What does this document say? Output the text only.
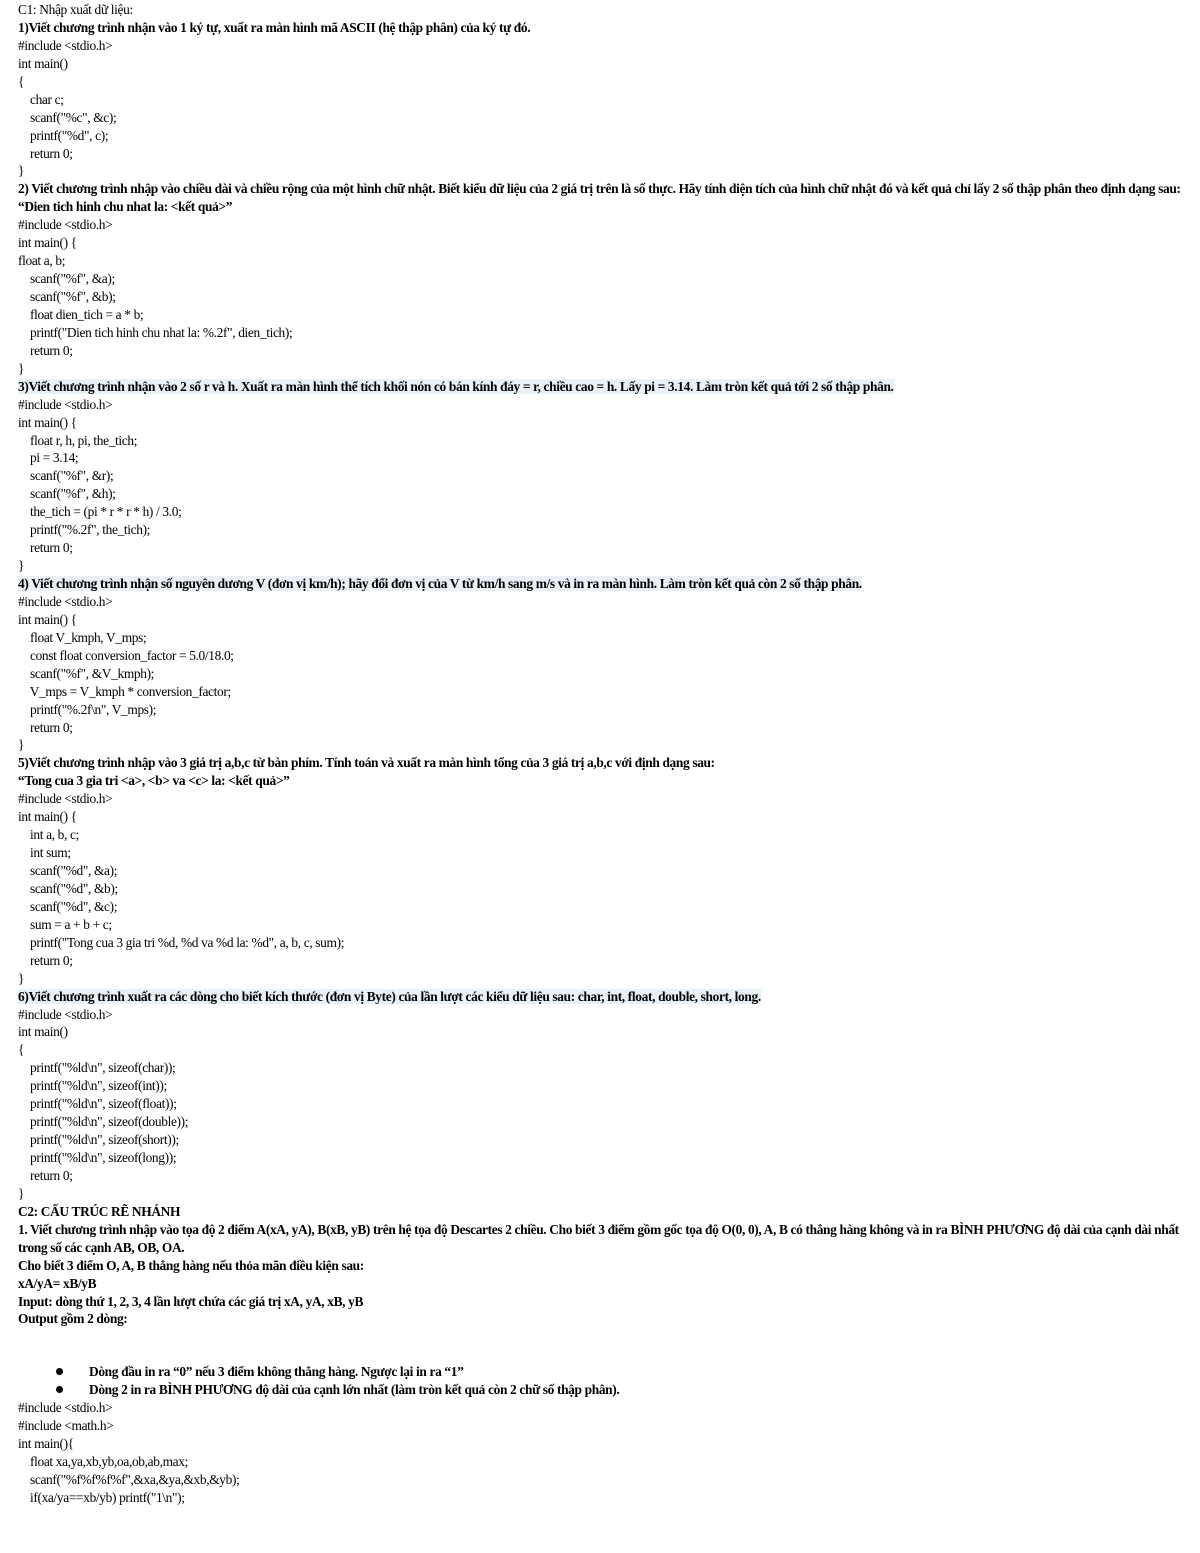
C1: Nhập xuất dữ liệu:
1)Viết chương trình nhận vào 1 ký tự, xuất ra màn hình mã ASCII (hệ thập phân) của ký tự đó.
#include <stdio.h>
int main()
{
char c;
scanf("%c", &c);
printf("%d", c);
return 0;
}
2) Viết chương trình nhập vào chiều dài và chiều rộng của một hình chữ nhật. Biết kiểu dữ liệu của 2 giá trị trên là số thực. Hãy tính diện tích của hình chữ nhật đó và kết quả chỉ lấy 2 số thập phân theo định dạng sau:
“Dien tich hinh chu nhat la: <kết quả>”
#include <stdio.h>
int main() {
float a, b;
scanf("%f", &a);
scanf("%f", &b);
float dien_tich = a * b;
printf("Dien tich hinh chu nhat la: %.2f", dien_tich);
return 0;
}
3)Viết chương trình nhận vào 2 số r và h. Xuất ra màn hình thể tích khối nón có bán kính đáy = r, chiều cao = h. Lấy pi = 3.14. Làm tròn kết quả tới 2 số thập phân.
#include <stdio.h>
int main() {
float r, h, pi, the_tich;
pi = 3.14;
scanf("%f", &r);
scanf("%f", &h);
the_tich = (pi * r * r * h) / 3.0;
printf("%.2f", the_tich);
return 0;
}
4) Viết chương trình nhận số nguyên dương V (đơn vị km/h); hãy đổi đơn vị của V từ km/h sang m/s và in ra màn hình. Làm tròn kết quả còn 2 số thập phân.
#include <stdio.h>
int main() {
float V_kmph, V_mps;
const float conversion_factor = 5.0/18.0;
scanf("%f", &V_kmph);
V_mps = V_kmph * conversion_factor;
printf("%.2f\n", V_mps);
return 0;
}
5)Viết chương trình nhập vào 3 giá trị a,b,c từ bàn phím. Tính toán và xuất ra màn hình tổng của 3 giá trị a,b,c với định dạng sau:
“Tong cua 3 gia tri <a>, <b> va <c> la: <kết quả>”
#include <stdio.h>
int main() {
int a, b, c;
int sum;
scanf("%d", &a);
scanf("%d", &b);
scanf("%d", &c);
sum = a + b + c;
printf("Tong cua 3 gia tri %d, %d va %d la: %d", a, b, c, sum);
return 0;
}
6)Viết chương trình xuất ra các dòng cho biết kích thước (đơn vị Byte) của lần lượt các kiểu dữ liệu sau: char, int, float, double, short, long.
#include <stdio.h>
int main()
{
printf("%ld\n", sizeof(char));
printf("%ld\n", sizeof(int));
printf("%ld\n", sizeof(float));
printf("%ld\n", sizeof(double));
printf("%ld\n", sizeof(short));
printf("%ld\n", sizeof(long));
return 0;
}
C2: CẤU TRÚC RẼ NHÁNH
1. Viết chương trình nhập vào tọa độ 2 điểm A(xA, yA), B(xB, yB) trên hệ tọa độ Descartes 2 chiều. Cho biết 3 điểm gồm gốc tọa độ O(0, 0), A, B có thẳng hàng không và in ra BÌNH PHƯƠNG độ dài của cạnh dài nhất trong số các cạnh AB, OB, OA.
Cho biết 3 điểm O, A, B thẳng hàng nếu thỏa mãn điều kiện sau:
xA/yA= xB/yB
Input: dòng thứ 1, 2, 3, 4 lần lượt chứa các giá trị xA, yA, xB, yB
Output gồm 2 dòng:
Dòng đầu in ra “0” nếu 3 điểm không thẳng hàng. Ngược lại in ra “1”
Dòng 2 in ra BÌNH PHƯƠNG độ dài của cạnh lớn nhất (làm tròn kết quả còn 2 chữ số thập phân).
#include <stdio.h>
#include <math.h>
int main(){
float xa,ya,xb,yb,oa,ob,ab,max;
scanf("%f%f%f%f",&xa,&ya,&xb,&yb);
if(xa/ya==xb/yb) printf("1\n");
